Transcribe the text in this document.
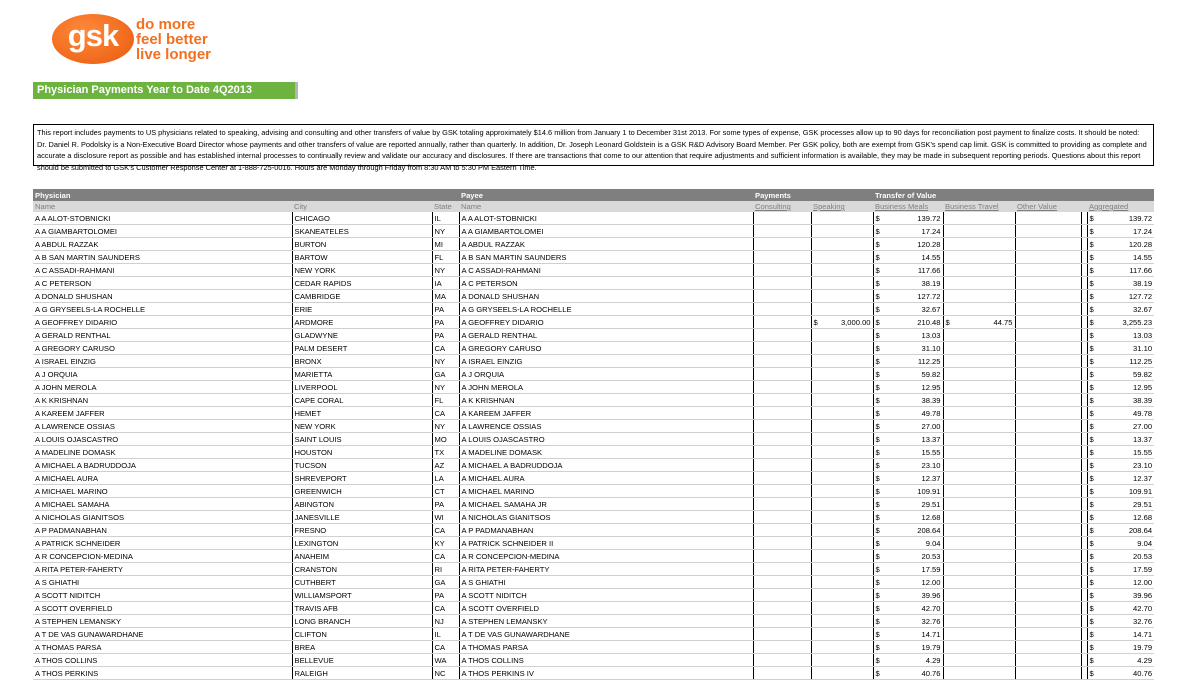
gsk	do more
feel better
live longer
Physician Payments Year to Date 4Q2013
This report includes payments to US physicians related to speaking, advising and consulting and other transfers of value by GSK totaling approximately $14.6 million from January 1 to December 31st 2013. For some types of expense, GSK processes allow up to 90 days for reconciliation post payment to finalize costs. It should be noted: Dr. Daniel R. Podolsky is a Non-Executive Board Director whose payments and other transfers of value are reported annually, rather than quarterly. In addition, Dr. Joseph Leonard Goldstein is a GSK R&D Advisory Board Member. Per GSK policy, both are exempt from GSK's spend cap limit. GSK is committed to providing as complete and accurate a disclosure report as possible and has established internal processes to continually review and validate our accuracy and disclosures. If there are transactions that come to our attention that require adjustments and sufficient information is available, they may be made in subsequent reporting periods. Questions about this report should be submitted to GSK's Customer Response Center at 1-888-725-0016. Hours are Monday through Friday from 8:30 AM to 5:30 PM Eastern Time.
Physician			Payee	Payments		Transfer of Value				
Name	City	State	Name	Consulting	Speaking	Business Meals	Business Travel	Other Value		Aggregated
A A ALOT-STOBNICKI	CHICAGO	IL	A A ALOT-STOBNICKI			$ 139.72				$ 139.72

A A GIAMBARTOLOMEI	SKANEATELES	NY	A A GIAMBARTOLOMEI			$ 17.24				$ 17.24

A ABDUL RAZZAK	BURTON	MI	A ABDUL RAZZAK			$ 120.28				$ 120.28

A B SAN MARTIN SAUNDERS	BARTOW	FL	A B SAN MARTIN SAUNDERS			$ 14.55				$ 14.55

A C ASSADI-RAHMANI	NEW YORK	NY	A C ASSADI-RAHMANI			$ 117.66				$ 117.66

A C PETERSON	CEDAR RAPIDS	IA	A C PETERSON			$ 38.19				$ 38.19

A DONALD SHUSHAN	CAMBRIDGE	MA	A DONALD SHUSHAN			$ 127.72				$ 127.72

A G GRYSEELS-LA ROCHELLE	ERIE	PA	A G GRYSEELS-LA ROCHELLE			$ 32.67				$ 32.67

A GEOFFREY DIDARIO	ARDMORE	PA	A GEOFFREY DIDARIO		$ 3,000.00	$ 210.48	$ 44.75			$ 3,255.23

A GERALD RENTHAL	GLADWYNE	PA	A GERALD RENTHAL			$ 13.03				$ 13.03

A GREGORY CARUSO	PALM DESERT	CA	A GREGORY CARUSO			$ 31.10				$ 31.10

A ISRAEL EINZIG	BRONX	NY	A ISRAEL EINZIG			$ 112.25				$ 112.25

A J ORQUIA	MARIETTA	GA	A J ORQUIA			$ 59.82				$ 59.82

A JOHN MEROLA	LIVERPOOL	NY	A JOHN MEROLA			$ 12.95				$ 12.95

A K KRISHNAN	CAPE CORAL	FL	A K KRISHNAN			$ 38.39				$ 38.39

A KAREEM JAFFER	HEMET	CA	A KAREEM JAFFER			$ 49.78				$ 49.78

A LAWRENCE OSSIAS	NEW YORK	NY	A LAWRENCE OSSIAS			$ 27.00				$ 27.00

A LOUIS OJASCASTRO	SAINT LOUIS	MO	A LOUIS OJASCASTRO			$ 13.37				$ 13.37

A MADELINE DOMASK	HOUSTON	TX	A MADELINE DOMASK			$ 15.55				$ 15.55

A MICHAEL A BADRUDDOJA	TUCSON	AZ	A MICHAEL A BADRUDDOJA			$ 23.10				$ 23.10

A MICHAEL AURA	SHREVEPORT	LA	A MICHAEL AURA			$ 12.37				$ 12.37

A MICHAEL MARINO	GREENWICH	CT	A MICHAEL MARINO			$ 109.91				$ 109.91

A MICHAEL SAMAHA	ABINGTON	PA	A MICHAEL SAMAHA JR			$ 29.51				$ 29.51

A NICHOLAS GIANITSOS	JANESVILLE	WI	A NICHOLAS GIANITSOS			$ 12.68				$ 12.68

A P PADMANABHAN	FRESNO	CA	A P PADMANABHAN			$ 208.64				$ 208.64

A PATRICK SCHNEIDER	LEXINGTON	KY	A PATRICK SCHNEIDER II			$ 9.04				$ 9.04

A R CONCEPCION-MEDINA	ANAHEIM	CA	A R CONCEPCION-MEDINA			$ 20.53				$ 20.53

A RITA PETER-FAHERTY	CRANSTON	RI	A RITA PETER-FAHERTY			$ 17.59				$ 17.59

A S GHIATHI	CUTHBERT	GA	A S GHIATHI			$ 12.00				$ 12.00

A SCOTT NIDITCH	WILLIAMSPORT	PA	A SCOTT NIDITCH			$ 39.96				$ 39.96

A SCOTT OVERFIELD	TRAVIS AFB	CA	A SCOTT OVERFIELD			$ 42.70				$ 42.70

A STEPHEN LEMANSKY	LONG BRANCH	NJ	A STEPHEN LEMANSKY			$ 32.76				$ 32.76

A T DE VAS GUNAWARDHANE	CLIFTON	IL	A T DE VAS GUNAWARDHANE			$ 14.71				$ 14.71

A THOMAS PARSA	BREA	CA	A THOMAS PARSA			$ 19.79				$ 19.79

A THOS COLLINS	BELLEVUE	WA	A THOS COLLINS			$ 4.29				$ 4.29

A THOS PERKINS	RALEIGH	NC	A THOS PERKINS IV			$ 40.76				$ 40.76
